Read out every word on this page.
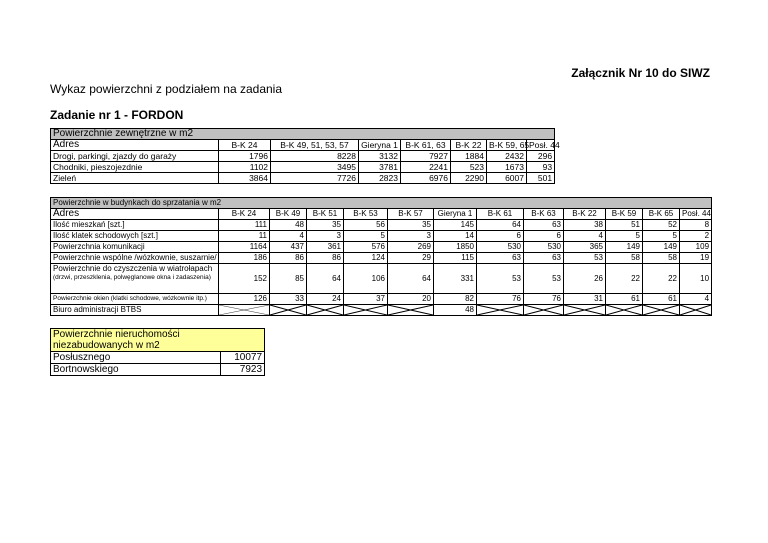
Załącznik Nr 10 do SIWZ
Wykaz powierzchni z podziałem na zadania
Zadanie nr 1 - FORDON
Powierzchnie zewnętrzne w m2							
Adres	B-K 24	B-K 49, 51, 53, 57	Gieryna 1	B-K 61, 63	B-K 22	B-K 59, 65	Posł. 44
Drogi, parkingi, zjazdy do garaży	1796	8228	3132	7927	1884	2432	296
Chodniki, pieszojezdnie	1102	3495	3781	2241	523	1673	93
Zieleń	3864	7726	2823	6976	2290	6007	501
Powierzchnie w budynkach do sprzatania w m2												
Adres	B-K 24	B-K 49	B-K 51	B-K 53	B-K 57	Gieryna 1	B-K 61	B-K 63	B-K 22	B-K 59	B-K 65	Posł. 44
Ilość mieszkań [szt.]	111	48	35	56	35	145	64	63	38	51	52	8
Ilość klatek schodowych [szt.]	11	4	3	5	3	14	6	6	4	5	5	2
Powierzchnia komunikacji	1164	437	361	576	269	1850	530	530	365	149	149	109
Powierzchnie wspólne /wózkownie, suszarnie/	186	86	86	124	29	115	63	63	53	58	58	19

Powierzchnie do czyszczenia w wiatrołapach
(drzwi, przeszklenia, polwęglanowe okna i zadaszenia)	152	85	64	106	64	331	53	53	26	22	22	10
Powierzchnie okien (klatki schodowe, wózkownie itp.)	126	33	24	37	20	82	76	76	31	61	61	4
Biuro administracji BTBS						48	

Powierzchnie nieruchomości niezabudowanych w m2	
Posłusznego	10077
Bortnowskiego	7923
